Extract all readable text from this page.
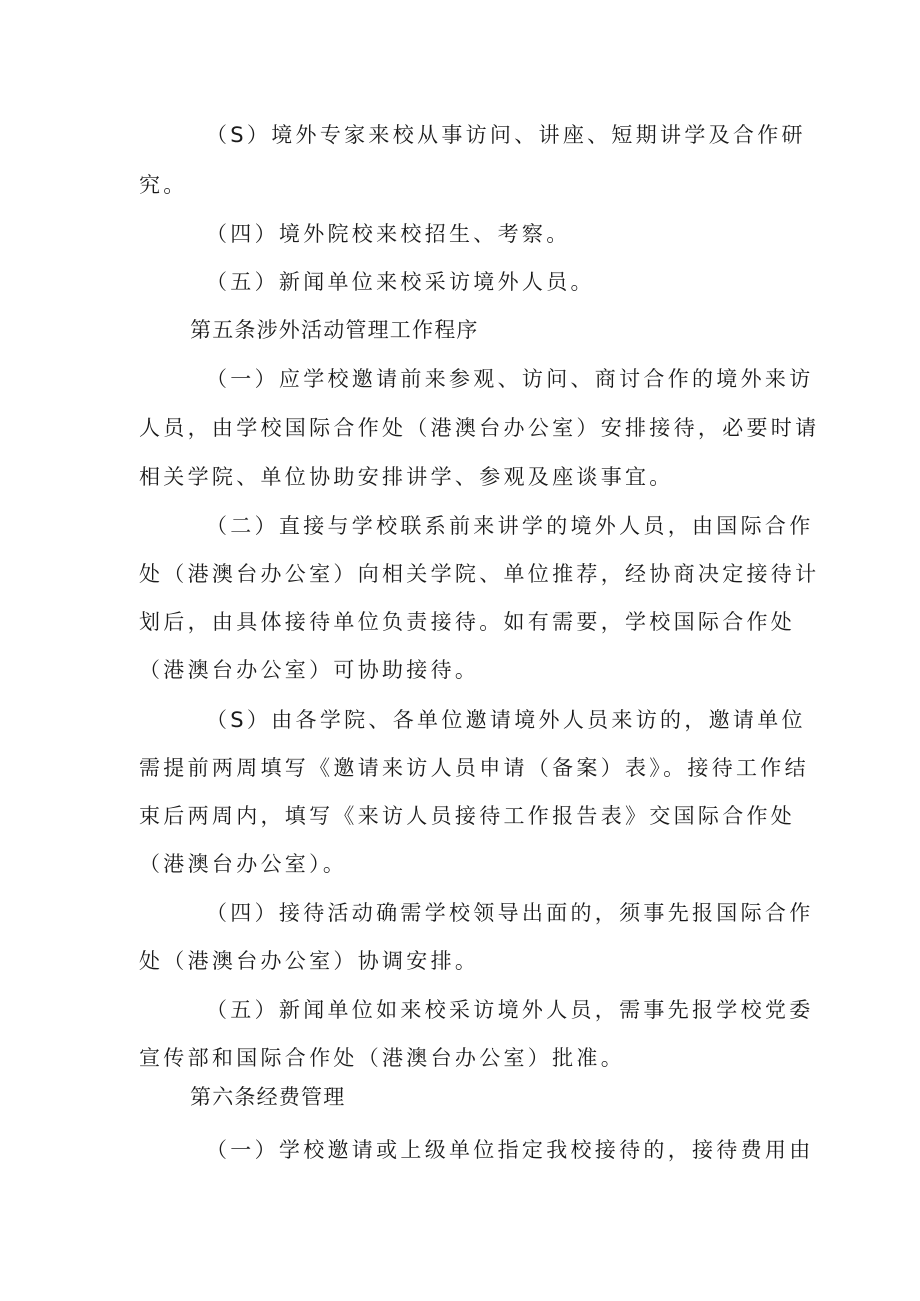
（S）境外专家来校从事访问、讲座、短期讲学及合作研
究。
（四）境外院校来校招生、考察。
（五）新闻单位来校采访境外人员。
第五条涉外活动管理工作程序
（一）应学校邀请前来参观、访问、商讨合作的境外来访
人员，由学校国际合作处（港澳台办公室）安排接待，必要时请
相关学院、单位协助安排讲学、参观及座谈事宜。
（二）直接与学校联系前来讲学的境外人员，由国际合作
处（港澳台办公室）向相关学院、单位推荐，经协商决定接待计
划后，由具体接待单位负责接待。如有需要，学校国际合作处
（港澳台办公室）可协助接待。
（S）由各学院、各单位邀请境外人员来访的，邀请单位
需提前两周填写《邀请来访人员申请（备案）表》。接待工作结
束后两周内，填写《来访人员接待工作报告表》交国际合作处
（港澳台办公室）。
（四）接待活动确需学校领导出面的，须事先报国际合作
处（港澳台办公室）协调安排。
（五）新闻单位如来校采访境外人员，需事先报学校党委
宣传部和国际合作处（港澳台办公室）批准。
第六条经费管理
（一）学校邀请或上级单位指定我校接待的，接待费用由
